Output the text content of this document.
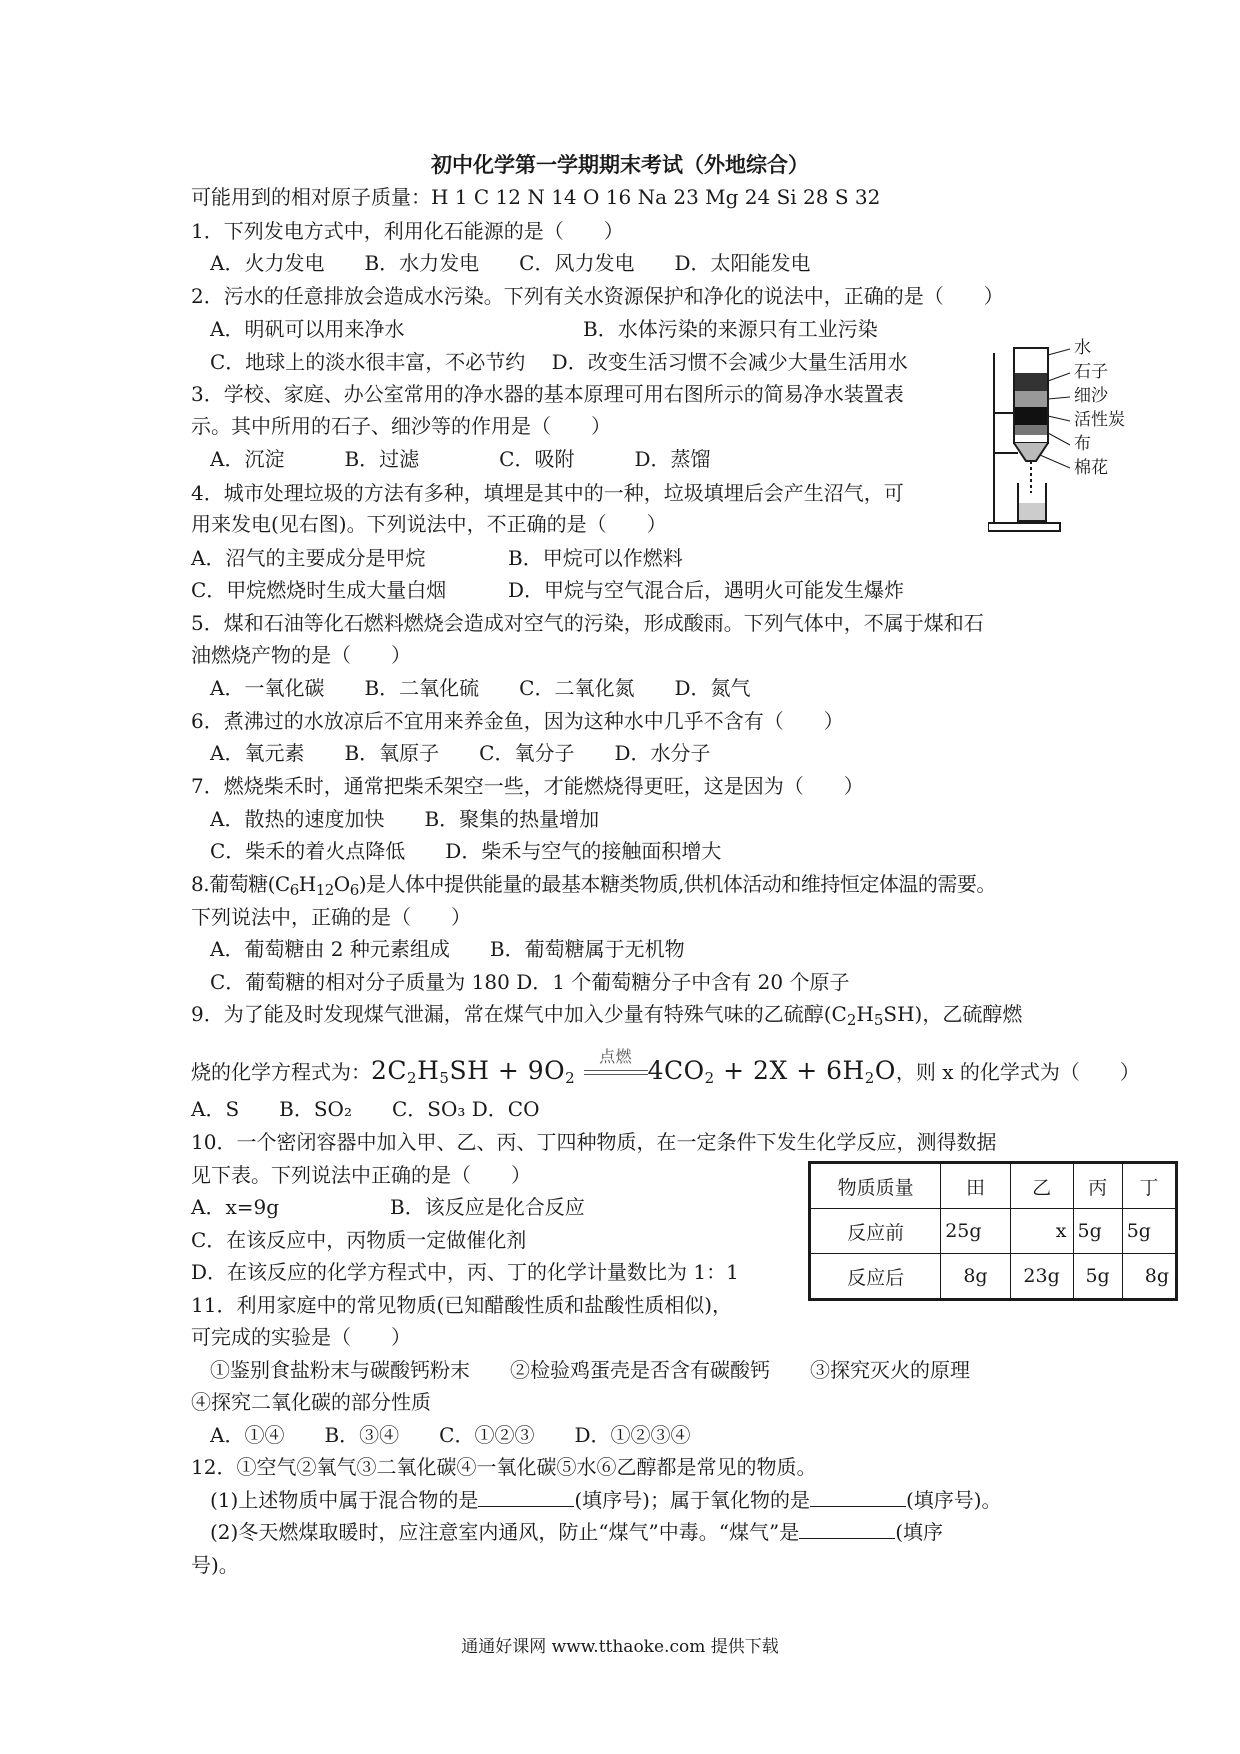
初中化学第一学期期末考试（外地综合）
可能用到的相对原子质量：H 1 C 12 N 14 O 16 Na 23 Mg 24 Si 28 S 32
1．下列发电方式中，利用化石能源的是（　　）
A．火力发电　　B．水力发电　　C．风力发电　　D．太阳能发电
2．污水的任意排放会造成水污染。下列有关水资源保护和净化的说法中，正确的是（　　）
A．明矾可以用来净水	B．水体污染的来源只有工业污染
C．地球上的淡水很丰富，不必节约　 D．改变生活习惯不会减少大量生活用水
3．学校、家庭、办公室常用的净水器的基本原理可用右图所示的简易净水装置表
示。其中所用的石子、细沙等的作用是（　　）
A．沉淀　　　B．过滤　　　　C．吸附　　　D．蒸馏
水
石子
细沙
活性炭
布
棉花
4．城市处理垃圾的方法有多种，填埋是其中的一种，垃圾填埋后会产生沼气，可
用来发电(见右图)。下列说法中，不正确的是（　　）
A．沼气的主要成分是甲烷	B．甲烷可以作燃料
C．甲烷燃烧时生成大量白烟	D．甲烷与空气混合后，遇明火可能发生爆炸
5．煤和石油等化石燃料燃烧会造成对空气的污染，形成酸雨。下列气体中，不属于煤和石
油燃烧产物的是（　　）
A．一氧化碳　　B．二氧化硫　　C．二氧化氮　　D．氮气
6．煮沸过的水放凉后不宜用来养金鱼，因为这种水中几乎不含有（　　）
A．氧元素　　B．氧原子　　C．氧分子　　D．水分子
7．燃烧柴禾时，通常把柴禾架空一些，才能燃烧得更旺，这是因为（　　）
A．散热的速度加快　　B．聚集的热量增加
C．柴禾的着火点降低　　D．柴禾与空气的接触面积增大
8.葡萄糖$(C_6H_{12}O_6)$是人体中提供能量的最基本糖类物质,供机体活动和维持恒定体温的需要。
下列说法中，正确的是（　　）
A．葡萄糖由 2 种元素组成　　B．葡萄糖属于无机物
C．葡萄糖的相对分子质量为 180 D．1 个葡萄糖分子中含有 20 个原子
9．为了能及时发现煤气泄漏，常在煤气中加入少量有特殊气味的乙硫醇$(C_2H_5SH)$，乙硫醇燃
烧的化学方程式为：$2C_2H_5SH + 9O_2$
点燃 $4CO_2 + 2X + 6H_2O$，则 x 的化学式为（　　）
A．S　　B．SO₂　　C．SO₃ D．CO
10．一个密闭容器中加入甲、乙、丙、丁四种物质，在一定条件下发生化学反应，测得数据
见下表。下列说法中正确的是（　　）
A．x=9g	B．该反应是化合反应
C．在该反应中，丙物质一定做催化剂
D．在该反应的化学方程式中，丙、丁的化学计量数比为 1：1
物质质量	田	乙	丙	丁
反应前	25g	x	5g	5g
反应后	8g	23g	5g	8g
11．利用家庭中的常见物质(已知醋酸性质和盐酸性质相似)，
可完成的实验是（　　）
①鉴别食盐粉末与碳酸钙粉末　　②检验鸡蛋壳是否含有碳酸钙　　③探究灭火的原理
④探究二氧化碳的部分性质
A．①④　　B．③④　　C．①②③　　D．①②③④
12．①空气②氧气③二氧化碳④一氧化碳⑤水⑥乙醇都是常见的物质。
(1)上述物质中属于混合物的是	(填序号)；属于氧化物的是	(填序号)。
(2)冬天燃煤取暖时，应注意室内通风，防止“煤气”中毒。“煤气”是	(填序
号)。
通通好课网 www.tthaoke.com 提供下载
